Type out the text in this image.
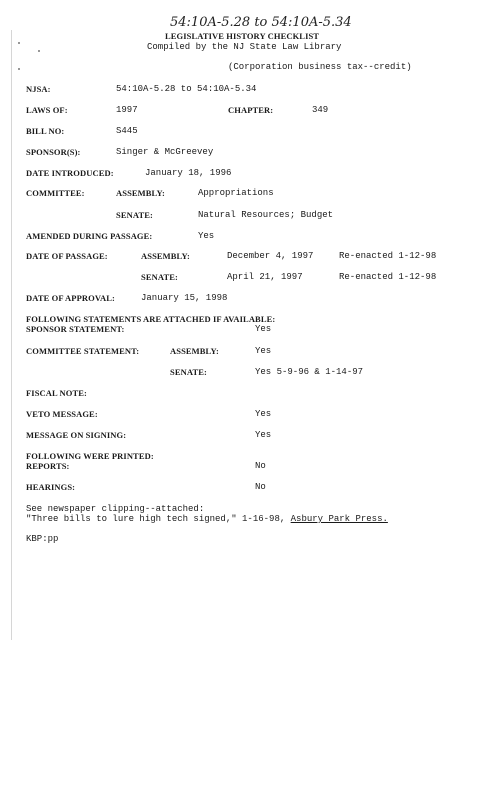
54:10A-5.28 to 54:10A-5.34
LEGISLATIVE HISTORY CHECKLIST
Compiled by the NJ State Law Library
(Corporation business tax--credit)
NJSA:	54:10A-5.28 to 54:10A-5.34
LAWS OF:	1997	CHAPTER:	349
BILL NO:	S445
SPONSOR(S):	Singer & McGreevey
DATE INTRODUCED:	January 18, 1996
COMMITTEE:	ASSEMBLY:	Appropriations
SENATE:	Natural Resources; Budget
AMENDED DURING PASSAGE:	Yes
DATE OF PASSAGE:	ASSEMBLY:	December 4, 1997	Re-enacted 1-12-98
SENATE:	April 21, 1997	Re-enacted 1-12-98
DATE OF APPROVAL:	January 15, 1998
FOLLOWING STATEMENTS ARE ATTACHED IF AVAILABLE:
SPONSOR STATEMENT:	Yes
COMMITTEE STATEMENT:	ASSEMBLY:	Yes
SENATE:	Yes 5-9-96 & 1-14-97
FISCAL NOTE:
VETO MESSAGE:	Yes
MESSAGE ON SIGNING:	Yes
FOLLOWING WERE PRINTED:
REPORTS:	No
HEARINGS:	No
See newspaper clipping--attached:
"Three bills to lure high tech signed," 1-16-98, Asbury Park Press.
KBP:pp
